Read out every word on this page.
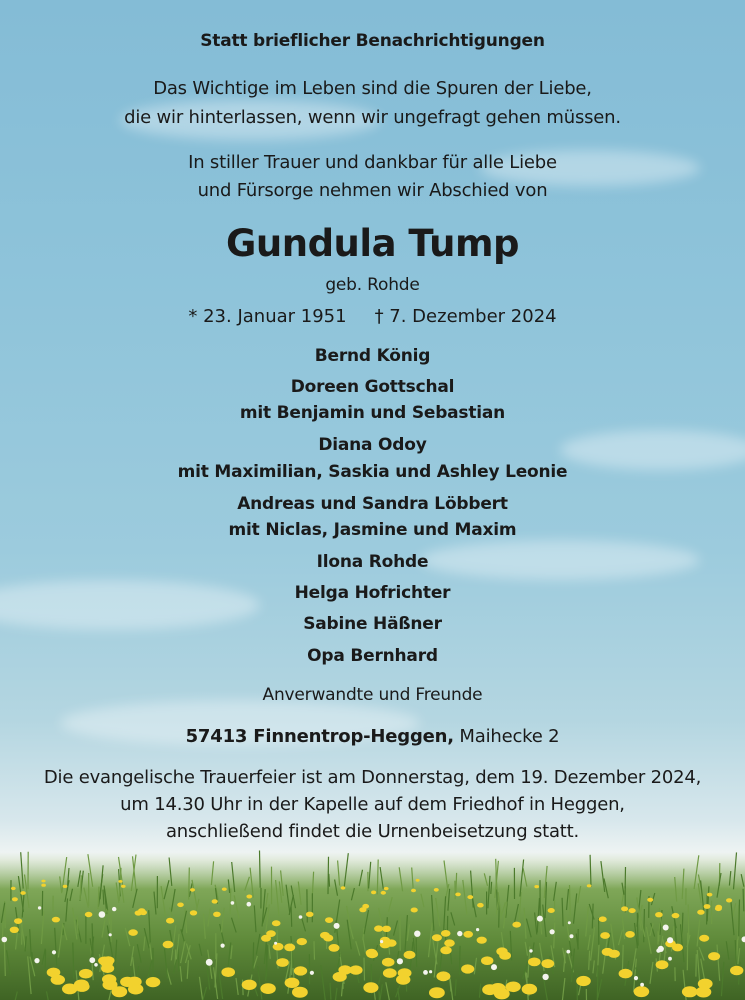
Statt brieflicher Benachrichtigungen
Das Wichtige im Leben sind die Spuren der Liebe,
die wir hinterlassen, wenn wir ungefragt gehen müssen.
In stiller Trauer und dankbar für alle Liebe
und Fürsorge nehmen wir Abschied von
Gundula Tump
geb. Rohde
* 23. Januar 1951 † 7. Dezember 2024
Bernd König
Doreen Gottschal
mit Benjamin und Sebastian
Diana Odoy
mit Maximilian, Saskia und Ashley Leonie
Andreas und Sandra Löbbert
mit Niclas, Jasmine und Maxim
Ilona Rohde
Helga Hofrichter
Sabine Häßner
Opa Bernhard
Anverwandte und Freunde
57413 Finnentrop-Heggen, Maihecke 2
Die evangelische Trauerfeier ist am Donnerstag, dem 19. Dezember 2024,
um 14.30 Uhr in der Kapelle auf dem Friedhof in Heggen,
anschließend findet die Urnenbeisetzung statt.
